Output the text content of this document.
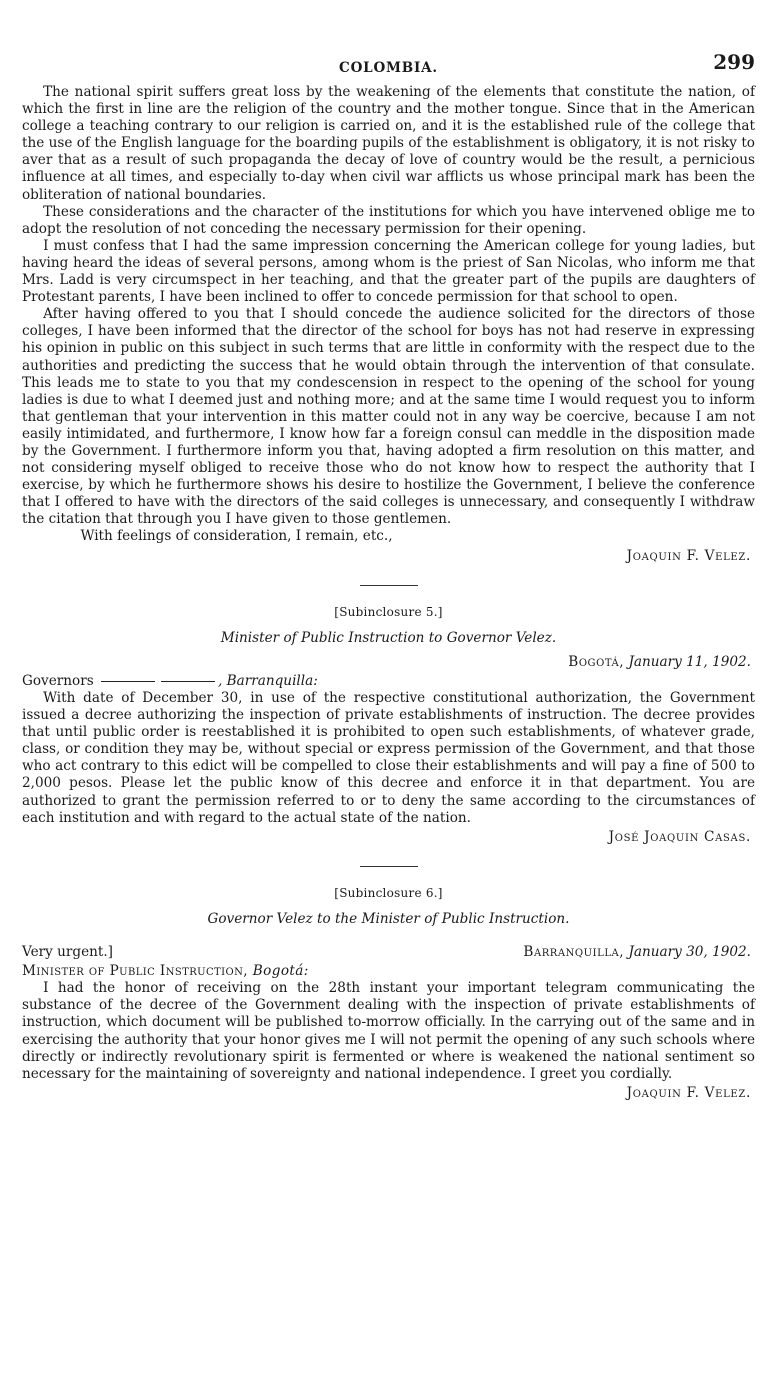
COLOMBIA.	299

The national spirit suffers great loss by the weakening of the elements that constitute the nation, of which the first in line are the religion of the country and the mother tongue. Since that in the American college a teaching contrary to our religion is carried on, and it is the established rule of the college that the use of the English language for the boarding pupils of the establishment is obligatory, it is not risky to aver that as a result of such propaganda the decay of love of country would be the result, a pernicious influence at all times, and especially to-day when civil war afflicts us whose principal mark has been the obliteration of national boundaries.

These considerations and the character of the institutions for which you have intervened oblige me to adopt the resolution of not conceding the necessary permission for their opening.

I must confess that I had the same impression concerning the American college for young ladies, but having heard the ideas of several persons, among whom is the priest of San Nicolas, who inform me that Mrs. Ladd is very circumspect in her teaching, and that the greater part of the pupils are daughters of Protestant parents, I have been inclined to offer to concede permission for that school to open.

After having offered to you that I should concede the audience solicited for the directors of those colleges, I have been informed that the director of the school for boys has not had reserve in expressing his opinion in public on this subject in such terms that are little in conformity with the respect due to the authorities and predicting the success that he would obtain through the intervention of that consulate. This leads me to state to you that my condescension in respect to the opening of the school for young ladies is due to what I deemed just and nothing more; and at the same time I would request you to inform that gentleman that your intervention in this matter could not in any way be coercive, because I am not easily intimidated, and furthermore, I know how far a foreign consul can meddle in the disposition made by the Government. I furthermore inform you that, having adopted a firm resolution on this matter, and not considering myself obliged to receive those who do not know how to respect the authority that I exercise, by which he furthermore shows his desire to hostilize the Government, I believe the conference that I offered to have with the directors of the said colleges is unnecessary, and consequently I withdraw the citation that through you I have given to those gentlemen.

With feelings of consideration, I remain, etc.,

Joaquin F. Velez.
[Subinclosure 5.]
Minister of Public Instruction to Governor Velez.
Bogotá, January 11, 1902.
Governors	, Barranquilla:

With date of December 30, in use of the respective constitutional authorization, the Government issued a decree authorizing the inspection of private establishments of instruction. The decree provides that until public order is reestablished it is prohibited to open such establishments, of whatever grade, class, or condition they may be, without special or express permission of the Government, and that those who act contrary to this edict will be compelled to close their establishments and will pay a fine of 500 to 2,000 pesos. Please let the public know of this decree and enforce it in that department. You are authorized to grant the permission referred to or to deny the same according to the circumstances of each institution and with regard to the actual state of the nation.

José Joaquin Casas.
[Subinclosure 6.]
Governor Velez to the Minister of Public Instruction.
Very urgent.]	Barranquilla, January 30, 1902.
Minister of Public Instruction, Bogotá:

I had the honor of receiving on the 28th instant your important telegram communicating the substance of the decree of the Government dealing with the inspection of private establishments of instruction, which document will be published to-morrow officially. In the carrying out of the same and in exercising the authority that your honor gives me I will not permit the opening of any such schools where directly or indirectly revolutionary spirit is fermented or where is weakened the national sentiment so necessary for the maintaining of sovereignty and national independence. I greet you cordially.

Joaquin F. Velez.
